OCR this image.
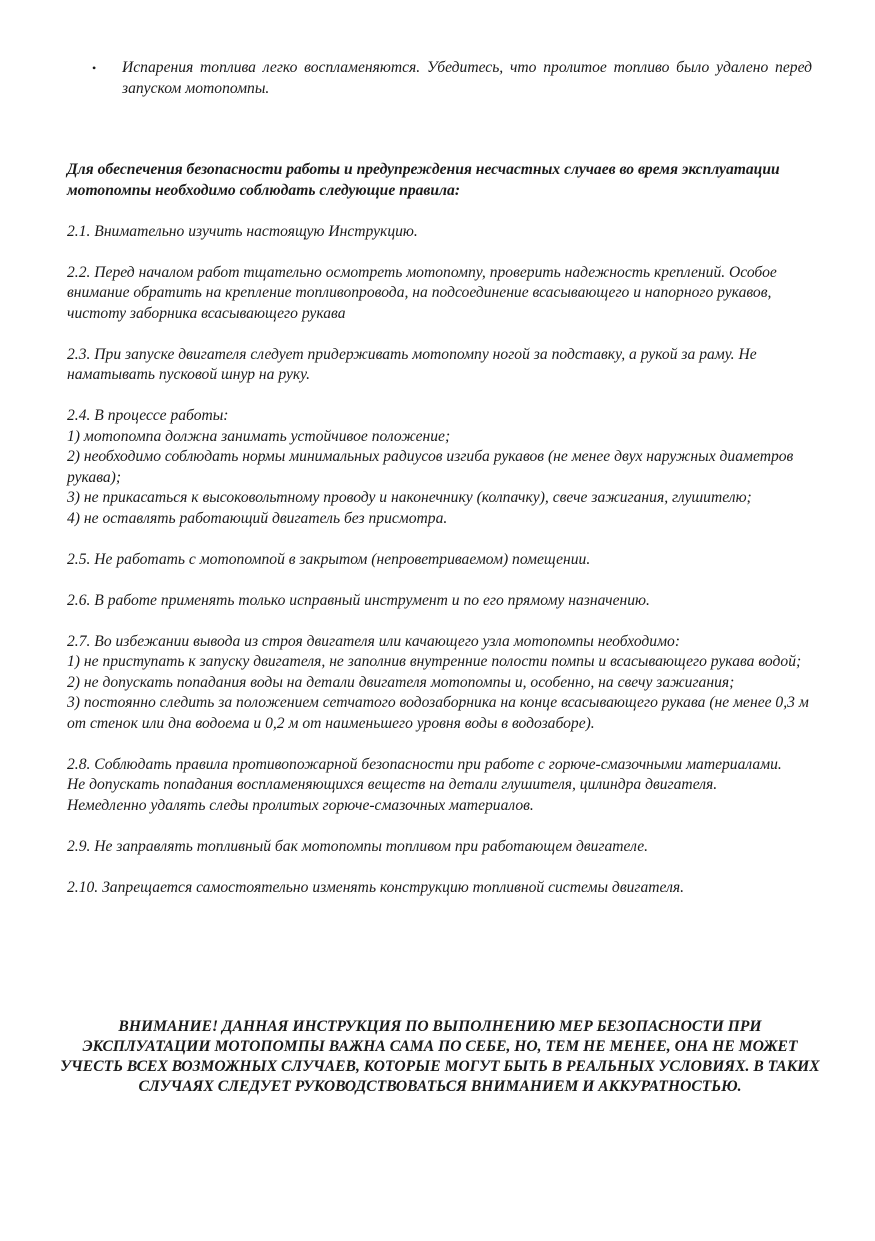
•	Испарения топлива легко воспламеняются. Убедитесь, что пролитое топливо было удалено перед запуском мотопомпы.

Для обеспечения безопасности работы и предупреждения несчастных случаев во время эксплуатации мотопомпы необходимо соблюдать следующие правила:

2.1. Внимательно изучить настоящую Инструкцию.

2.2. Перед началом работ тщательно осмотреть мотопомпу, проверить надежность креплений. Особое внимание обратить на крепление топливопровода, на подсоединение всасывающего и напорного рукавов, чистоту заборника всасывающего рукава

2.3. При запуске двигателя следует придерживать мотопомпу ногой за подставку, а рукой за раму. Не наматывать пусковой шнур на руку.

2.4. В процессе работы:

1) мотопомпа должна занимать устойчивое положение;

2) необходимо соблюдать нормы минимальных радиусов изгиба рукавов (не менее двух наружных диаметров рукава);

3) не прикасаться к высоковольтному проводу и наконечнику (колпачку), свече зажигания, глушителю;

4) не оставлять работающий двигатель без присмотра.

2.5. Не работать с мотопомпой в закрытом (непроветриваемом) помещении.

2.6. В работе применять только исправный инструмент и по его прямому назначению.

2.7. Во избежании вывода из строя двигателя или качающего узла мотопомпы необходимо:

1) не приступать к запуску двигателя, не заполнив внутренние полости помпы и всасывающего рукава водой;

2) не допускать попадания воды на детали двигателя мотопомпы и, особенно, на свечу зажигания;

3) постоянно следить за положением сетчатого водозаборника на конце всасывающего рукава (не менее 0,3 м от стенок или дна водоема и 0,2 м от наименьшего уровня воды в водозаборе).

2.8. Соблюдать правила противопожарной безопасности при работе с горюче-смазочными материалами.

Не допускать попадания воспламеняющихся веществ на детали глушителя, цилиндра двигателя.

Немедленно удалять следы пролитых горюче-смазочных материалов.

2.9. Не заправлять топливный бак мотопомпы топливом при работающем двигателе.

2.10. Запрещается самостоятельно изменять конструкцию топливной системы двигателя.

ВНИМАНИЕ! ДАННАЯ ИНСТРУКЦИЯ ПО ВЫПОЛНЕНИЮ МЕР БЕЗОПАСНОСТИ ПРИ ЭКСПЛУАТАЦИИ МОТОПОМПЫ ВАЖНА САМА ПО СЕБЕ, НО, ТЕМ НЕ МЕНЕЕ, ОНА НЕ МОЖЕТ УЧЕСТЬ ВСЕХ ВОЗМОЖНЫХ СЛУЧАЕВ, КОТОРЫЕ МОГУТ БЫТЬ В РЕАЛЬНЫХ УСЛОВИЯХ. В ТАКИХ СЛУЧАЯХ СЛЕДУЕТ РУКОВОДСТВОВАТЬСЯ ВНИМАНИЕМ И АККУРАТНОСТЬЮ.
